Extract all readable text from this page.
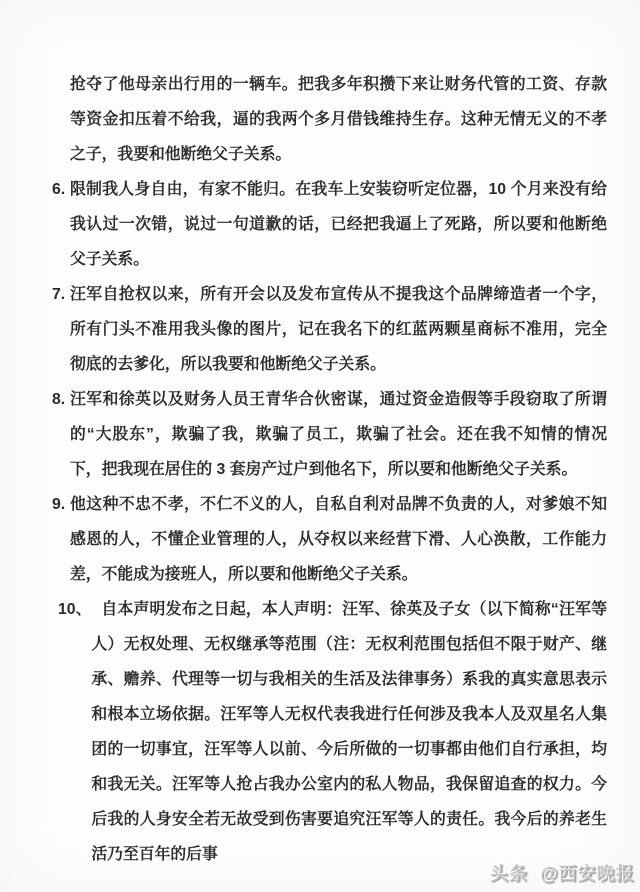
抢夺了他母亲出行用的一辆车。把我多年积攒下来让财务代管的工资、存款等资金扣压着不给我，逼的我两个多月借钱维持生存。这种无情无义的不孝之子，我要和他断绝父子关系。
6. 限制我人身自由，有家不能归。在我车上安装窃听定位器，10 个月来没有给我认过一次错，说过一句道歉的话，已经把我逼上了死路，所以要和他断绝父子关系。
7. 汪军自抢权以来，所有开会以及发布宣传从不提我这个品牌缔造者一个字，所有门头不准用我头像的图片，记在我名下的红蓝两颗星商标不准用，完全彻底的去爹化，所以我要和他断绝父子关系。
8. 汪军和徐英以及财务人员王青华合伙密谋，通过资金造假等手段窃取了所谓的“大股东”，欺骗了我，欺骗了员工，欺骗了社会。还在我不知情的情况下，把我现在居住的 3 套房产过户到他名下，所以要和他断绝父子关系。
9. 他这种不忠不孝，不仁不义的人，自私自利对品牌不负责的人，对爹娘不知感恩的人，不懂企业管理的人，从夺权以来经营下滑、人心涣散，工作能力差，不能成为接班人，所以要和他断绝父子关系。
10、 自本声明发布之日起，本人声明：汪军、徐英及子女（以下简称“汪军等人）无权处理、无权继承等范围（注：无权利范围包括但不限于财产、继承、赡养、代理等一切与我相关的生活及法律事务）系我的真实意思表示和根本立场依据。汪军等人无权代表我进行任何涉及我本人及双星名人集团的一切事宜，汪军等人以前、今后所做的一切事都由他们自行承担，均和我无关。汪军等人抢占我办公室内的私人物品，我保留追查的权力。今后我的人身安全若无故受到伤害要追究汪军等人的责任。我今后的养老生活乃至百年的后事
头条 @西安晚报
